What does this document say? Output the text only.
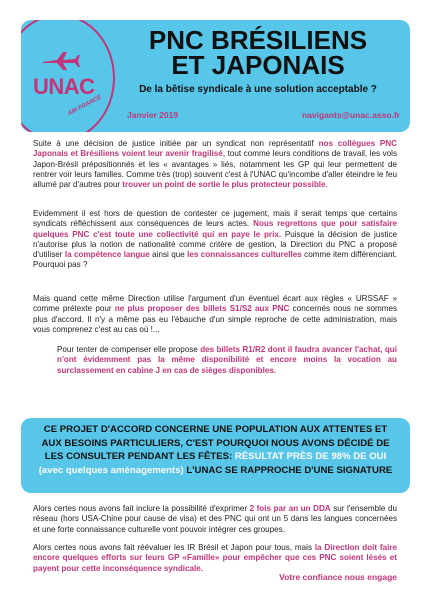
UNAC
AIR FRANCE
PNC BRÉSILIENS
ET JAPONAIS
De la bêtise syndicale à une solution acceptable ?
Janvier 2019	navigants@unac.asso.fr

Suite à une décision de justice initiée par un syndicat non représentatif nos collègues PNC Japonais et Brésiliens voient leur avenir fragilisé, tout comme leurs conditions de travail, les vols Japon-Brésil prépositionnés et les « avantages » liés, notamment les GP qui leur permettent de rentrer voir leurs familles. Comme très (trop) souvent c'est à l'UNAC qu'incombe d'aller éteindre le feu allumé par d'autres pour trouver un point de sortie le plus protecteur possible.

Evidemment il est hors de question de contester ce jugement, mais il serait temps que certains syndicats réfléchissent aux conséquences de leurs actes. Nous regrettons que pour satisfaire quelques PNC c'est toute une collectivité qui en paye le prix. Puisque la décision de justice n'autorise plus la notion de nationalité comme critère de gestion, la Direction du PNC a proposé d'utiliser la compétence langue ainsi que les connaissances culturelles comme item différenciant. Pourquoi pas ?

Mais quand cette même Direction utilise l'argument d'un éventuel écart aux règles « URSSAF » comme prétexte pour ne plus proposer des billets S1/S2 aux PNC concernés nous ne sommes plus d'accord. Il n'y a même pas eu l'ébauche d'un simple reproche de cette administration, mais vous comprenez c'est au cas où !...

Pour tenter de compenser elle propose des billets R1/R2 dont il faudra avancer l'achat, qui n'ont évidemment pas la même disponibilité et encore moins la vocation au surclassement en cabine J en cas de sièges disponibles.

CE PROJET D'ACCORD CONCERNE UNE POPULATION AUX ATTENTES ET AUX BESOINS PARTICULIERS, C'EST POURQUOI NOUS AVONS DÉCIDÉ DE LES CONSULTER PENDANT LES FÊTES: RÉSULTAT PRÈS DE 98% DE OUI (avec quelques aménagements) L'UNAC SE RAPPROCHE D'UNE SIGNATURE

Alors certes nous avons fait inclure la possibilité d'exprimer 2 fois par an un DDA sur l'ensemble du réseau (hors USA-Chine pour cause de visa) et des PNC qui ont un 5 dans les langues concernées et une forte connaissance culturelle vont pouvoir intégrer ces groupes.

Alors certes nous avons fait réévaluer les IR Brésil et Japon pour tous, mais la Direction doit faire encore quelques efforts sur leurs GP «Famille» pour empêcher que ces PNC soient lésés et payent pour cette inconséquence syndicale.

Votre confiance nous engage
